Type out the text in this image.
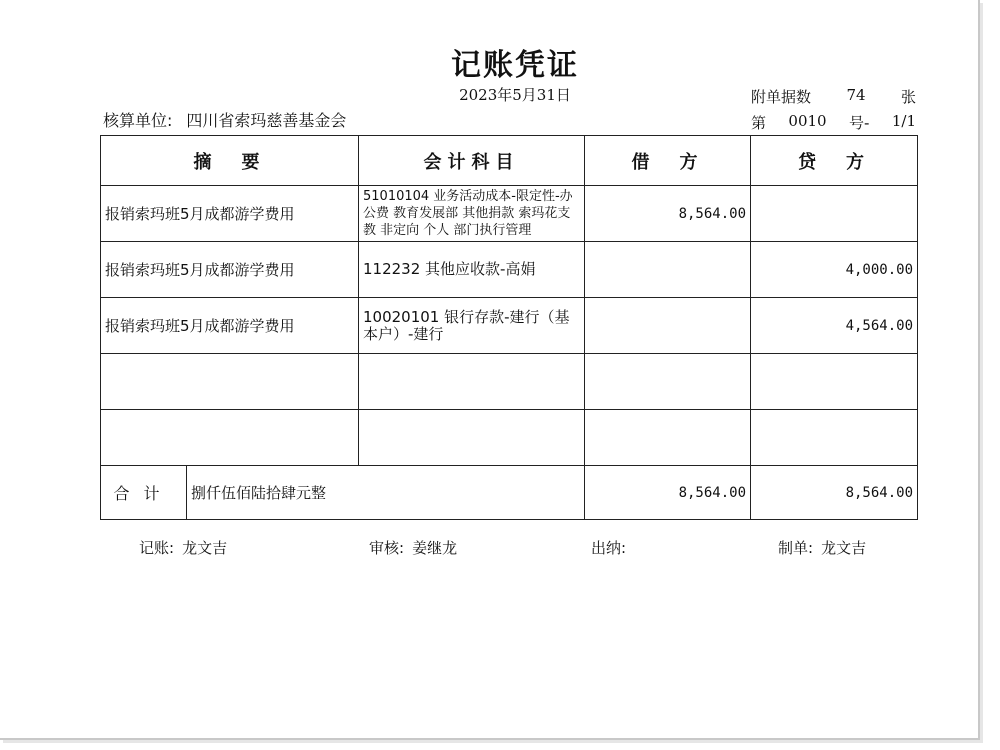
记账凭证
2023年5月31日
核算单位: 四川省索玛慈善基金会
附单据数 74 张
第 0010 号- 1/1
摘　要		会计科目	借　方	贷　方
报销索玛班5月成都游学费用		51010104 业务活动成本-限定性-办公费 教育发展部 其他捐款 索玛花支教 非定向 个人 部门执行管理	8,564.00	
报销索玛班5月成都游学费用		112232 其他应收款-高娟		4,000.00
报销索玛班5月成都游学费用		10020101 银行存款-建行（基本户）-建行		4,564.00

合计	捌仟伍佰陆拾肆元整		8,564.00	8,564.00
记账: 龙文吉	审核: 姜继龙	出纳:	制单: 龙文吉
